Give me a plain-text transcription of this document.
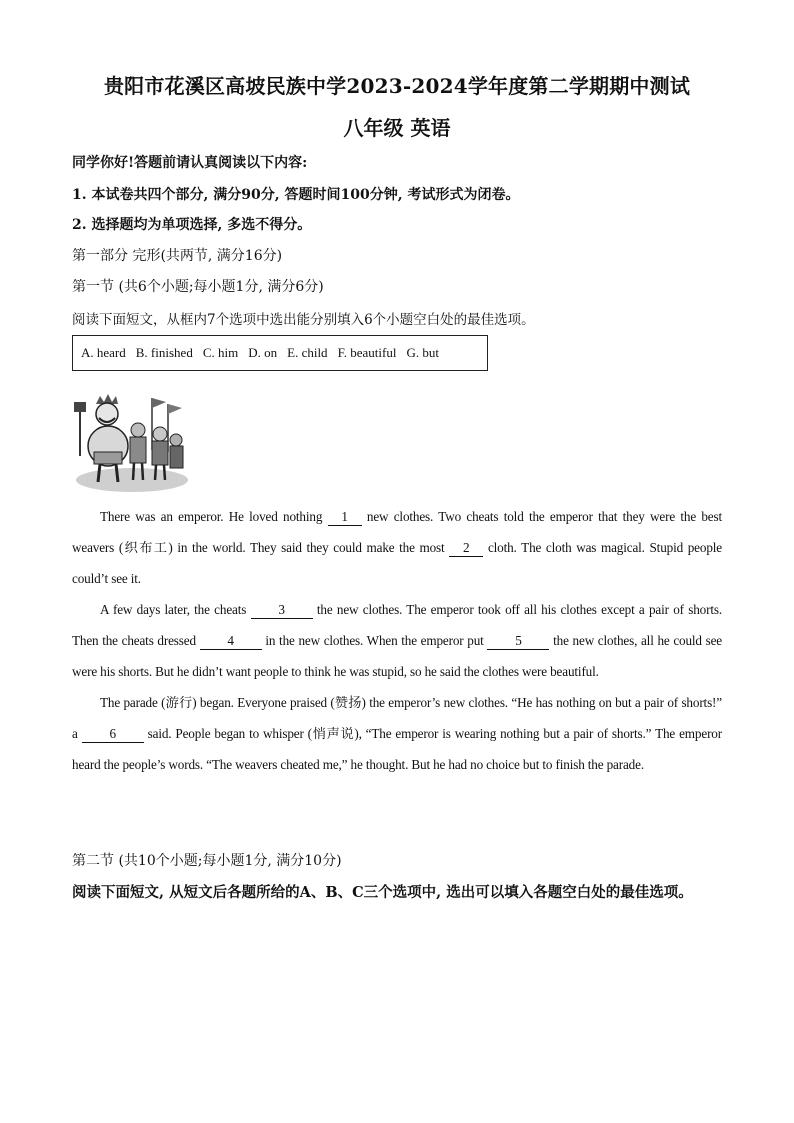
贵阳市花溪区高坡民族中学2023-2024学年度第二学期期中测试
八年级 英语
同学你好!答题前请认真阅读以下内容:
1. 本试卷共四个部分, 满分90分, 答题时间100分钟, 考试形式为闭卷。
2. 选择题均为单项选择, 多选不得分。
第一部分 完形(共两节, 满分16分)
第一节 (共6个小题;每小题1分, 满分6分)
阅读下面短文，从框内7个选项中选出能分别填入6个小题空白处的最佳选项。
A. heard B. finished C. him D. on E. child F. beautiful G. but

There was an emperor. He loved nothing 1 new clothes. Two cheats told the emperor that they were the best weavers (织布工) in the world. They said they could make the most 2 cloth. The cloth was magical. Stupid people could’t see it.

A few days later, the cheats 3 the new clothes. The emperor took off all his clothes except a pair of shorts. Then the cheats dressed 4 in the new clothes. When the emperor put 5 the new clothes, all he could see were his shorts. But he didn’t want people to think he was stupid, so he said the clothes were beautiful.

The parade (游行) began. Everyone praised (赞扬) the emperor’s new clothes. “He has nothing on but a pair of shorts!” a 6 said. People began to whisper (悄声说), “The emperor is wearing nothing but a pair of shorts.” The emperor heard the people’s words. “The weavers cheated me,” he thought. But he had no choice but to finish the parade.

第二节 (共10个小题;每小题1分, 满分10分)
阅读下面短文, 从短文后各题所给的A、B、C三个选项中, 选出可以填入各题空白处的最佳选项。
